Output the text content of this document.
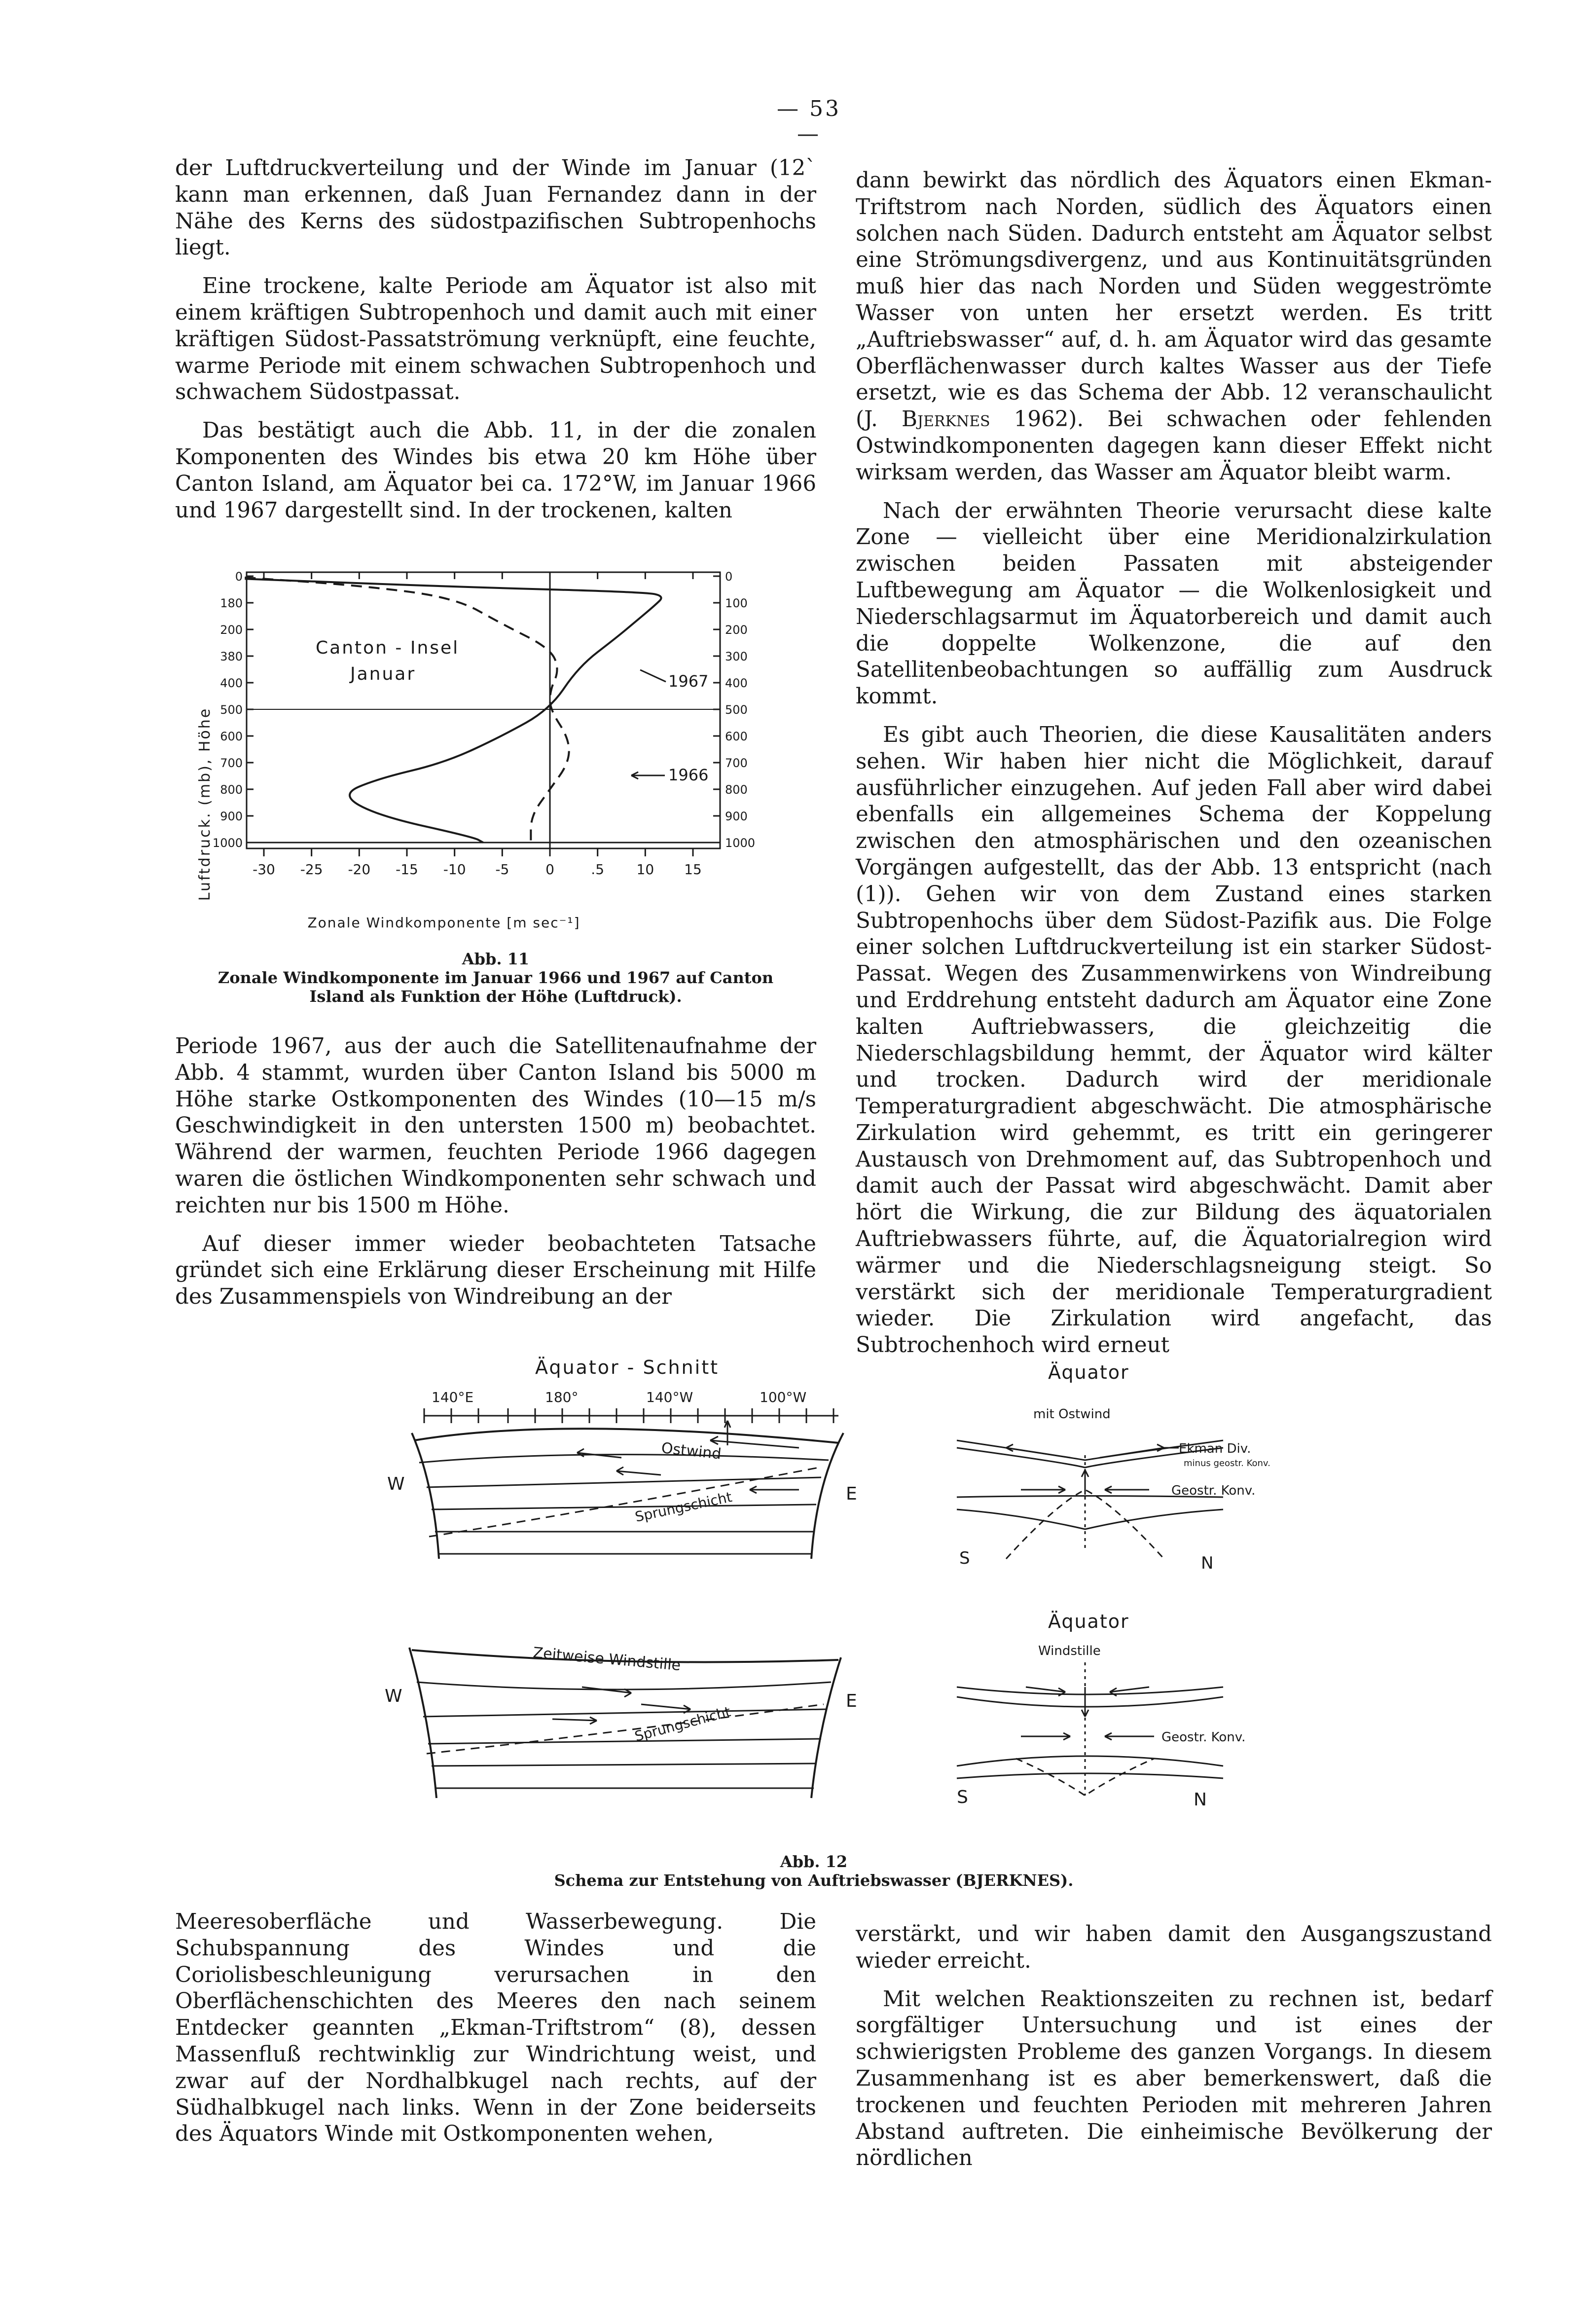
— 53 —

der Luftdruckverteilung und der Winde im Januar (12` kann man erkennen, daß Juan Fernandez dann in der Nähe des Kerns des südostpazifischen Subtropenhochs liegt.

Eine trockene, kalte Periode am Äquator ist also mit einem kräftigen Subtropenhoch und damit auch mit einer kräftigen Südost-Passatströmung verknüpft, eine feuchte, warme Periode mit einem schwachen Subtropenhoch und schwachem Südostpassat.

Das bestätigt auch die Abb. 11, in der die zonalen Komponenten des Windes bis etwa 20 km Höhe über Canton Island, am Äquator bei ca. 172°W, im Januar 1966 und 1967 dargestellt sind. In der trockenen, kalten

dann bewirkt das nördlich des Äquators einen Ekman-Triftstrom nach Norden, südlich des Äquators einen solchen nach Süden. Dadurch entsteht am Äquator selbst eine Strömungsdivergenz, und aus Kontinuitätsgründen muß hier das nach Norden und Süden weggeströmte Wasser von unten her ersetzt werden. Es tritt „Auftriebswasser“ auf, d. h. am Äquator wird das gesamte Oberflächenwasser durch kaltes Wasser aus der Tiefe ersetzt, wie es das Schema der Abb. 12 veranschaulicht (J. Bjerknes 1962). Bei schwachen oder fehlenden Ostwindkomponenten dagegen kann dieser Effekt nicht wirksam werden, das Wasser am Äquator bleibt warm.

Nach der erwähnten Theorie verursacht diese kalte Zone — vielleicht über eine Meridionalzirkulation zwischen beiden Passaten mit absteigender Luftbewegung am Äquator — die Wolkenlosigkeit und Niederschlagsarmut im Äquatorbereich und damit auch die doppelte Wolkenzone, die auf den Satellitenbeobachtungen so auffällig zum Ausdruck kommt.

Es gibt auch Theorien, die diese Kausalitäten anders sehen. Wir haben hier nicht die Möglichkeit, darauf ausführlicher einzugehen. Auf jeden Fall aber wird dabei ebenfalls ein allgemeines Schema der Koppelung zwischen den atmosphärischen und den ozeanischen Vorgängen aufgestellt, das der Abb. 13 entspricht (nach (1)). Gehen wir von dem Zustand eines starken Subtropenhochs über dem Südost-Pazifik aus. Die Folge einer solchen Luftdruckverteilung ist ein starker Südost-Passat. Wegen des Zusammenwirkens von Windreibung und Erddrehung entsteht dadurch am Äquator eine Zone kalten Auftriebwassers, die gleichzeitig die Niederschlagsbildung hemmt, der Äquator wird kälter und trocken. Dadurch wird der meridionale Temperaturgradient abgeschwächt. Die atmosphärische Zirkulation wird gehemmt, es tritt ein geringerer Austausch von Drehmoment auf, das Subtropenhoch und damit auch der Passat wird abgeschwächt. Damit aber hört die Wirkung, die zur Bildung des äquatorialen Auftriebwassers führte, auf, die Äquatorialregion wird wärmer und die Niederschlagsneigung steigt. So verstärkt sich der meridionale Temperaturgradient wieder. Die Zirkulation wird angefacht, das Subtrochenhoch wird erneut

0
180
200
380
400
500
600
700
800
900
1000
0
100
200
300
400
500
600
700
800
900
1000
-30 -25 -20 -15 -10 -5	0	.5 10 15
Luftdruck. (mb), Höhe
Canton - Insel
Januar	1967
1966
Zonale Windkomponente [m sec⁻¹]
Abb. 11
Zonale Windkomponente im Januar 1966 und 1967 auf Canton Island als Funktion der Höhe (Luftdruck).

Periode 1967, aus der auch die Satellitenaufnahme der Abb. 4 stammt, wurden über Canton Island bis 5000 m Höhe starke Ostkomponenten des Windes (10—15 m/s Geschwindigkeit in den untersten 1500 m) beobachtet. Während der warmen, feuchten Periode 1966 dagegen waren die östlichen Windkomponenten sehr schwach und reichten nur bis 1500 m Höhe.

Auf dieser immer wieder beobachteten Tatsache gründet sich eine Erklärung dieser Erscheinung mit Hilfe des Zusammenspiels von Windreibung an der

Äquator - Schnitt
140°E	180°	140°W	100°W
W	E
Ostwind
Sprungschicht
W	E
Zeitweise Windstille
Sprungschicht
Äquator
mit Ostwind
Ekman Div.
minus geostr. Konv.
Geostr. Konv.
S	N
Äquator
Windstille
Geostr. Konv.
S	N
Abb. 12
Schema zur Entstehung von Auftriebswasser (BJERKNES).

Meeresoberfläche und Wasserbewegung. Die Schubspannung des Windes und die Coriolisbeschleunigung verursachen in den Oberflächenschichten des Meeres den nach seinem Entdecker geannten „Ekman-Triftstrom“ (8), dessen Massenfluß rechtwinklig zur Windrichtung weist, und zwar auf der Nordhalbkugel nach rechts, auf der Südhalbkugel nach links. Wenn in der Zone beiderseits des Äquators Winde mit Ostkomponenten wehen,

verstärkt, und wir haben damit den Ausgangszustand wieder erreicht.

Mit welchen Reaktionszeiten zu rechnen ist, bedarf sorgfältiger Untersuchung und ist eines der schwierigsten Probleme des ganzen Vorgangs. In diesem Zusammenhang ist es aber bemerkenswert, daß die trockenen und feuchten Perioden mit mehreren Jahren Abstand auftreten. Die einheimische Bevölkerung der nördlichen
